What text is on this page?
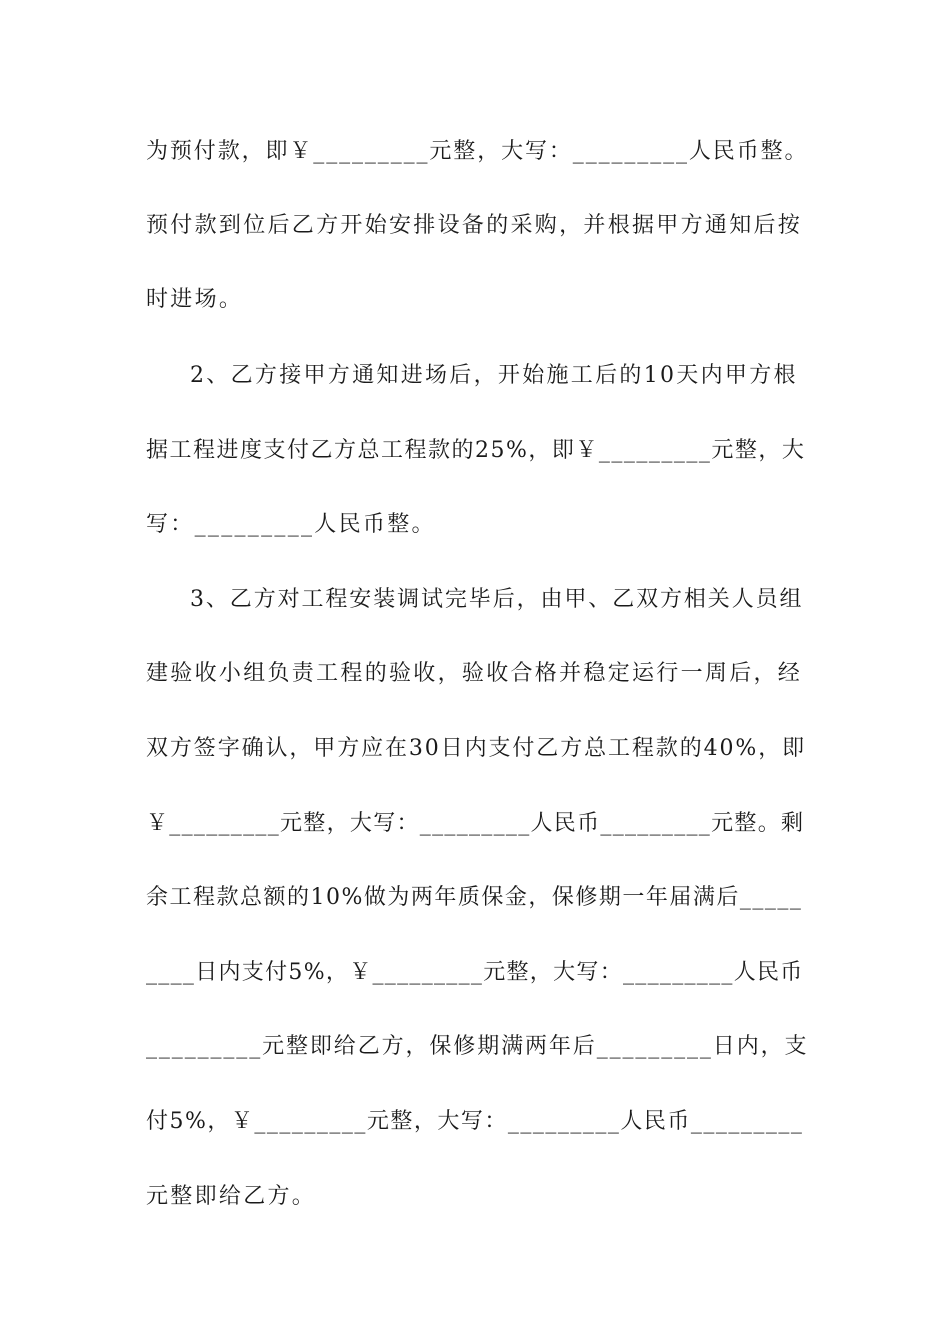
为预付款，即￥_________元整，大写：_________人民币整。
预付款到位后乙方开始安排设备的采购，并根据甲方通知后按
时进场。
2、乙方接甲方通知进场后，开始施工后的10天内甲方根
据工程进度支付乙方总工程款的25%，即￥_________元整，大
写：_________人民币整。
3、乙方对工程安装调试完毕后，由甲、乙双方相关人员组
建验收小组负责工程的验收，验收合格并稳定运行一周后，经
双方签字确认，甲方应在30日内支付乙方总工程款的40%，即
￥_________元整，大写：_________人民币_________元整。剩
余工程款总额的10%做为两年质保金，保修期一年届满后_____
____日内支付5%，￥_________元整，大写：_________人民币
_________元整即给乙方，保修期满两年后_________日内，支
付5%，￥_________元整，大写：_________人民币_________
元整即给乙方。
